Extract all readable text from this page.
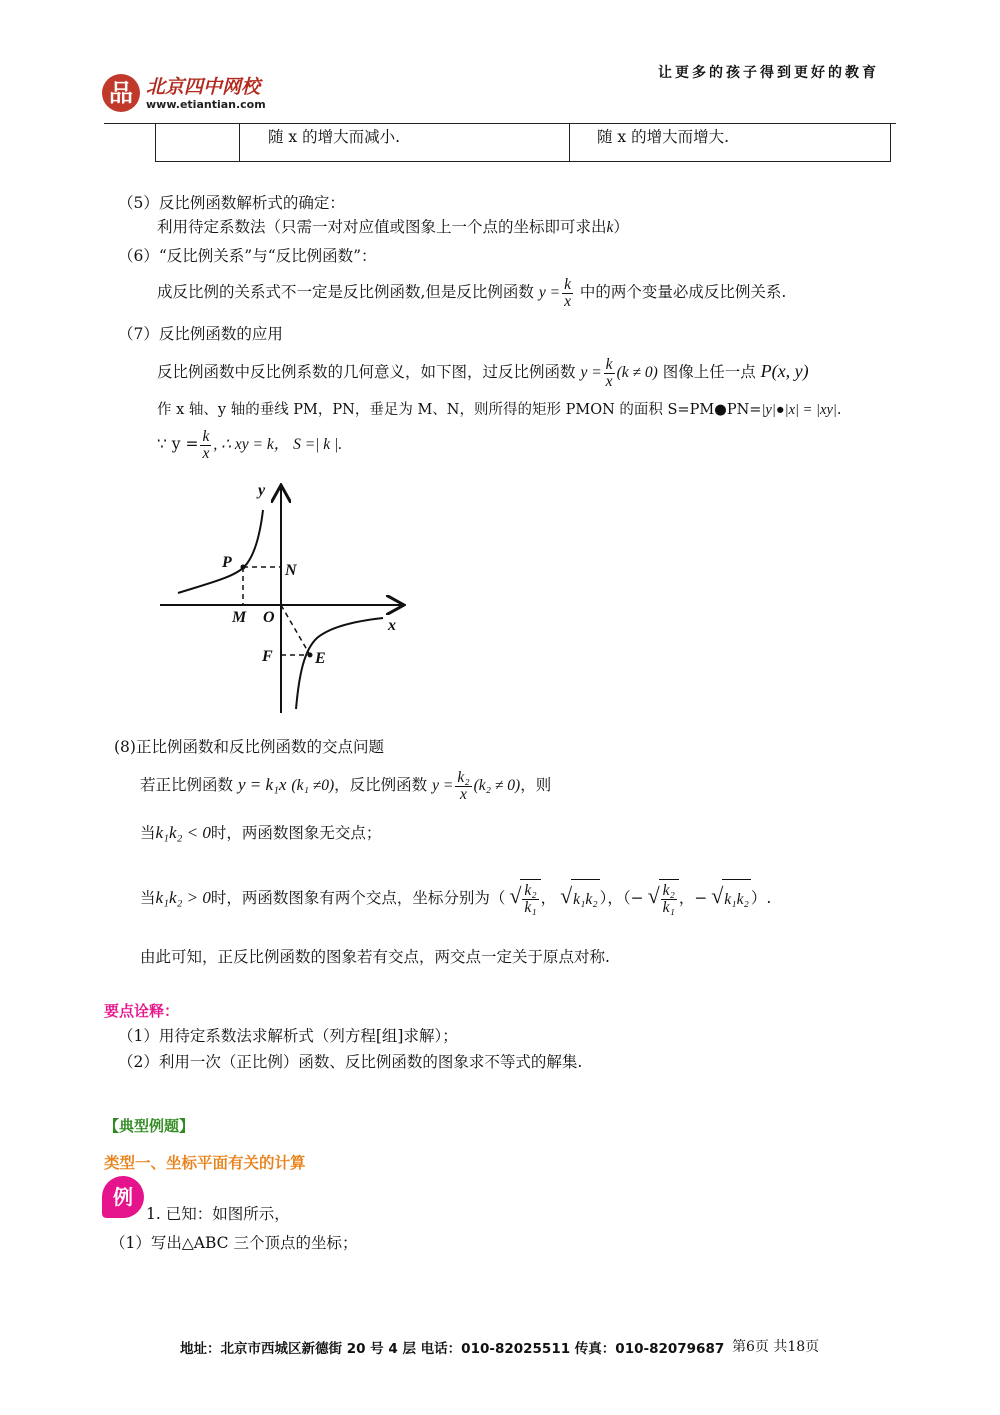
让更多的孩子得到更好的教育
品 北京四中网校
www.etiantian.com
随 x 的增大而减小.	随 x 的增大而增大.
（5）反比例函数解析式的确定：
利用待定系数法（只需一对对应值或图象上一个点的坐标即可求出k）
（6）“反比例关系”与“反比例函数”：
成反比例的关系式不一定是反比例函数,但是反比例函数 $y = \frac{k}{x}$ 中的两个变量必成反比例关系.
（7）反比例函数的应用
反比例函数中反比例系数的几何意义，如下图，过反比例函数 $y = \frac{k}{x} (k \ne 0)$ 图像上任一点 P(x, y)
作 x 轴、y 轴的垂线 PM，PN，垂足为 M、N，则所得的矩形 PMON 的面积 S=PM●PN=|y|●|x| = |xy|.
∵ $y = \frac{k}{x}$ , ∴ xy = k， S =| k |.
y
x
P	N
M O
F	E
(8)正比例函数和反比例函数的交点问题
若正比例函数 y = k₁x (k₁ ≠0)，反比例函数 $y = \frac{\text{k₂}}{x} (k_2 \ne 0)$，则
当k₁k₂ < 0时，两函数图象无交点；
当k₁k₂ > 0时，两函数图象有两个交点，坐标分别为（ √ $\frac{\text{k₂}}{\text{k₁}}$ ， √ k₁k₂ ），（− √ $\frac{\text{k₂}}{\text{k₁}}$ ，− √ k₁k₂ ）.
由此可知，正反比例函数的图象若有交点，两交点一定关于原点对称.
要点诠释：
（1）用待定系数法求解析式（列方程[组]求解）；
（2）利用一次（正比例）函数、反比例函数的图象求不等式的解集.
【典型例题】
类型一、坐标平面有关的计算
例
1. 已知：如图所示，
（1）写出△ABC 三个顶点的坐标；
地址：北京市西城区新德街 20 号 4 层 电话：010-82025511 传真：010-82079687 第6页 共18页
